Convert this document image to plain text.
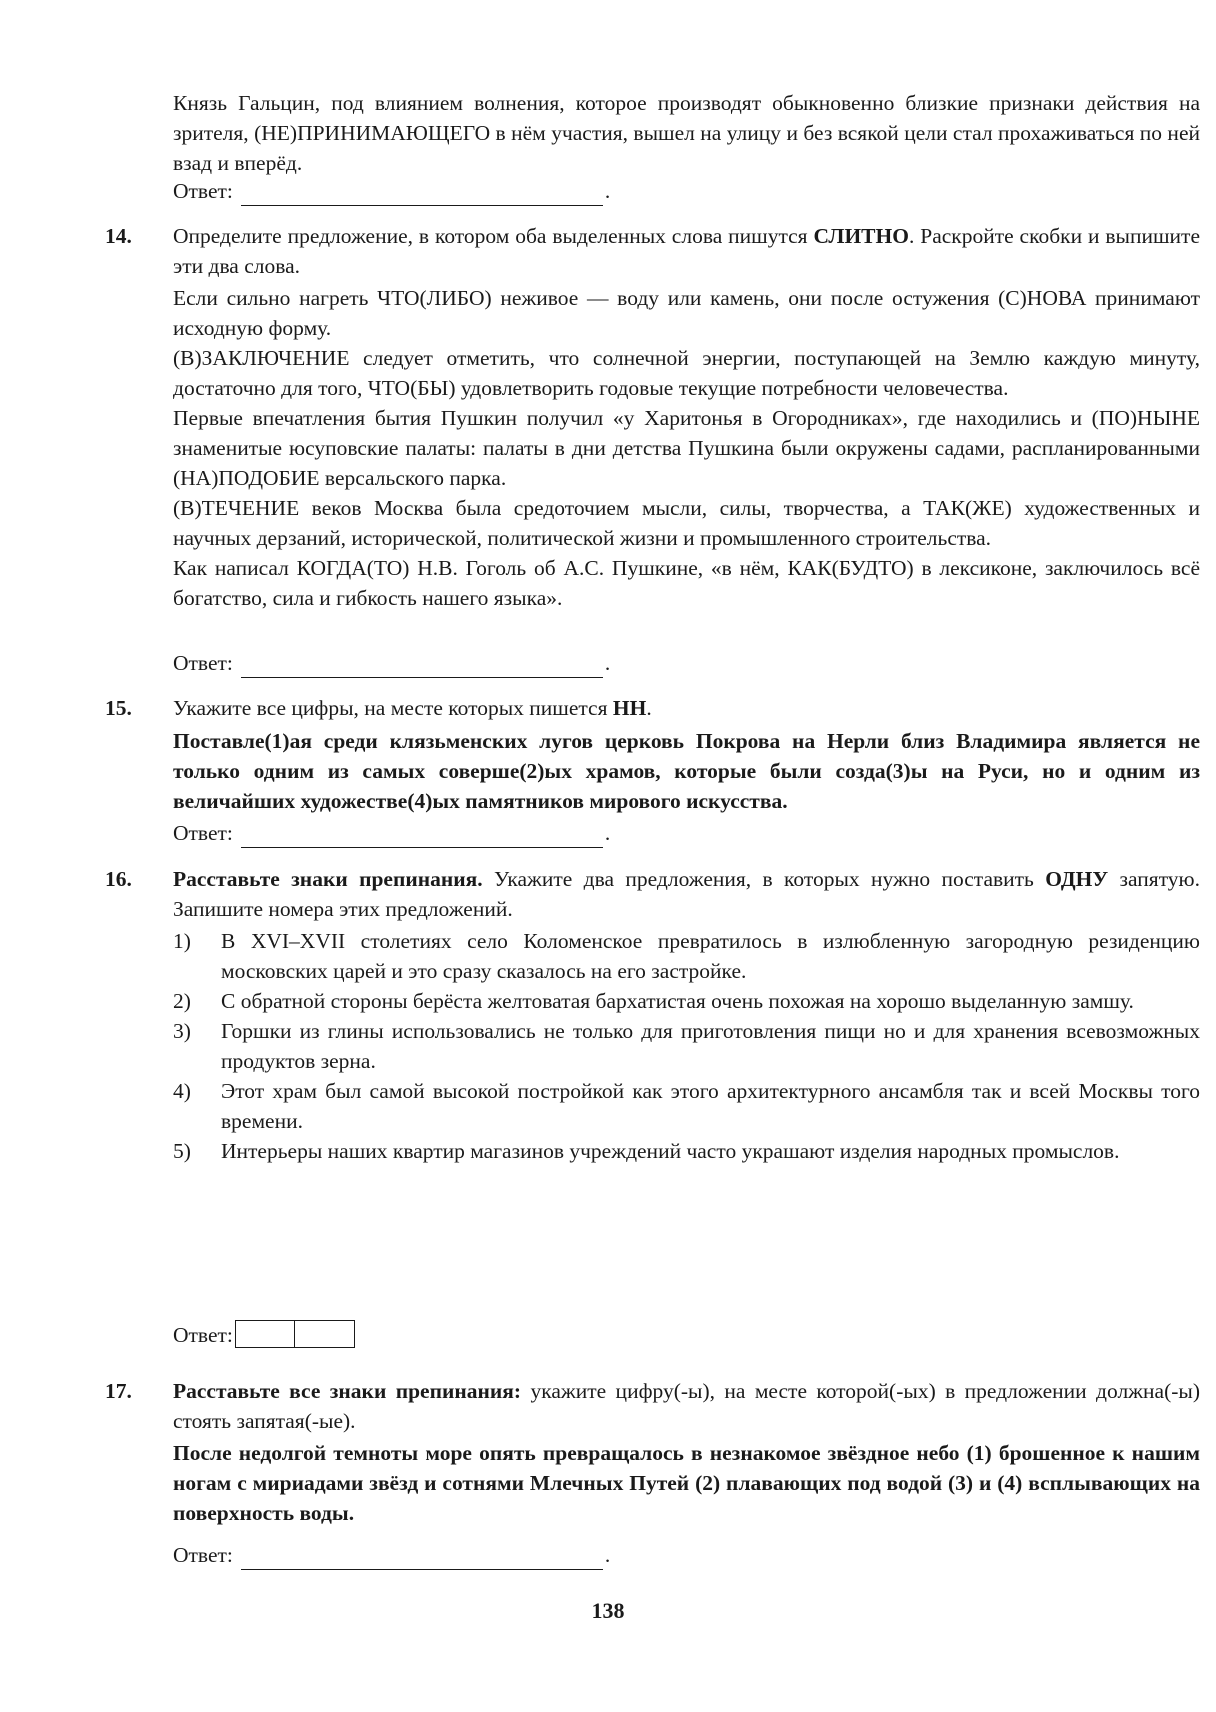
Князь Гальцин, под влиянием волнения, которое производят обыкновенно близкие признаки действия на зрителя, (НЕ)ПРИНИМАЮЩЕГО в нём участия, вышел на улицу и без всякой цели стал прохаживаться по ней взад и вперёд.

Ответ:	.
14. Определите предложение, в котором оба выделенных слова пишутся СЛИТНО. Раскройте скобки и выпишите эти два слова.

Если сильно нагреть ЧТО(ЛИБО) неживое — воду или камень, они после остужения (С)НОВА принимают исходную форму.

(В)ЗАКЛЮЧЕНИЕ следует отметить, что солнечной энергии, поступающей на Землю каждую минуту, достаточно для того, ЧТО(БЫ) удовлетворить годовые текущие потребности человечества.

Первые впечатления бытия Пушкин получил «у Харитонья в Огородниках», где находились и (ПО)НЫНЕ знаменитые юсуповские палаты: палаты в дни детства Пушкина были окружены садами, распланированными (НА)ПОДОБИЕ версальского парка.

(В)ТЕЧЕНИЕ веков Москва была средоточием мысли, силы, творчества, а ТАК(ЖЕ) художественных и научных дерзаний, исторической, политической жизни и промышленного строительства.

Как написал КОГДА(ТО) Н.В. Гоголь об А.С. Пушкине, «в нём, КАК(БУДТО) в лексиконе, заключилось всё богатство, сила и гибкость нашего языка».

Ответ:	.
15. Укажите все цифры, на месте которых пишется НН.

Поставле(1)ая среди клязьменских лугов церковь Покрова на Нерли близ Владимира является не только одним из самых соверше(2)ых храмов, которые были созда(3)ы на Руси, но и одним из величайших художестве(4)ых памятников мирового искусства.

Ответ:	.
16. Расставьте знаки препинания. Укажите два предложения, в которых нужно поставить ОДНУ запятую. Запишите номера этих предложений.

1)	В XVI–XVII столетиях село Коломенское превратилось в излюбленную загородную резиденцию московских царей и это сразу сказалось на его застройке.
2)	С обратной стороны берёста желтоватая бархатистая очень похожая на хорошо выделанную замшу.
3)	Горшки из глины использовались не только для приготовления пищи но и для хранения всевозможных продуктов зерна.
4)	Этот храм был самой высокой постройкой как этого архитектурного ансамбля так и всей Москвы того времени.
5)	Интерьеры наших квартир магазинов учреждений часто украшают изделия народных промыслов.
Ответ:
17. Расставьте все знаки препинания: укажите цифру(-ы), на месте которой(-ых) в предложении должна(-ы) стоять запятая(-ые).

После недолгой темноты море опять превращалось в незнакомое звёздное небо (1) брошенное к нашим ногам с мириадами звёзд и сотнями Млечных Путей (2) плавающих под водой (3) и (4) всплывающих на поверхность воды.

Ответ:	.
138
